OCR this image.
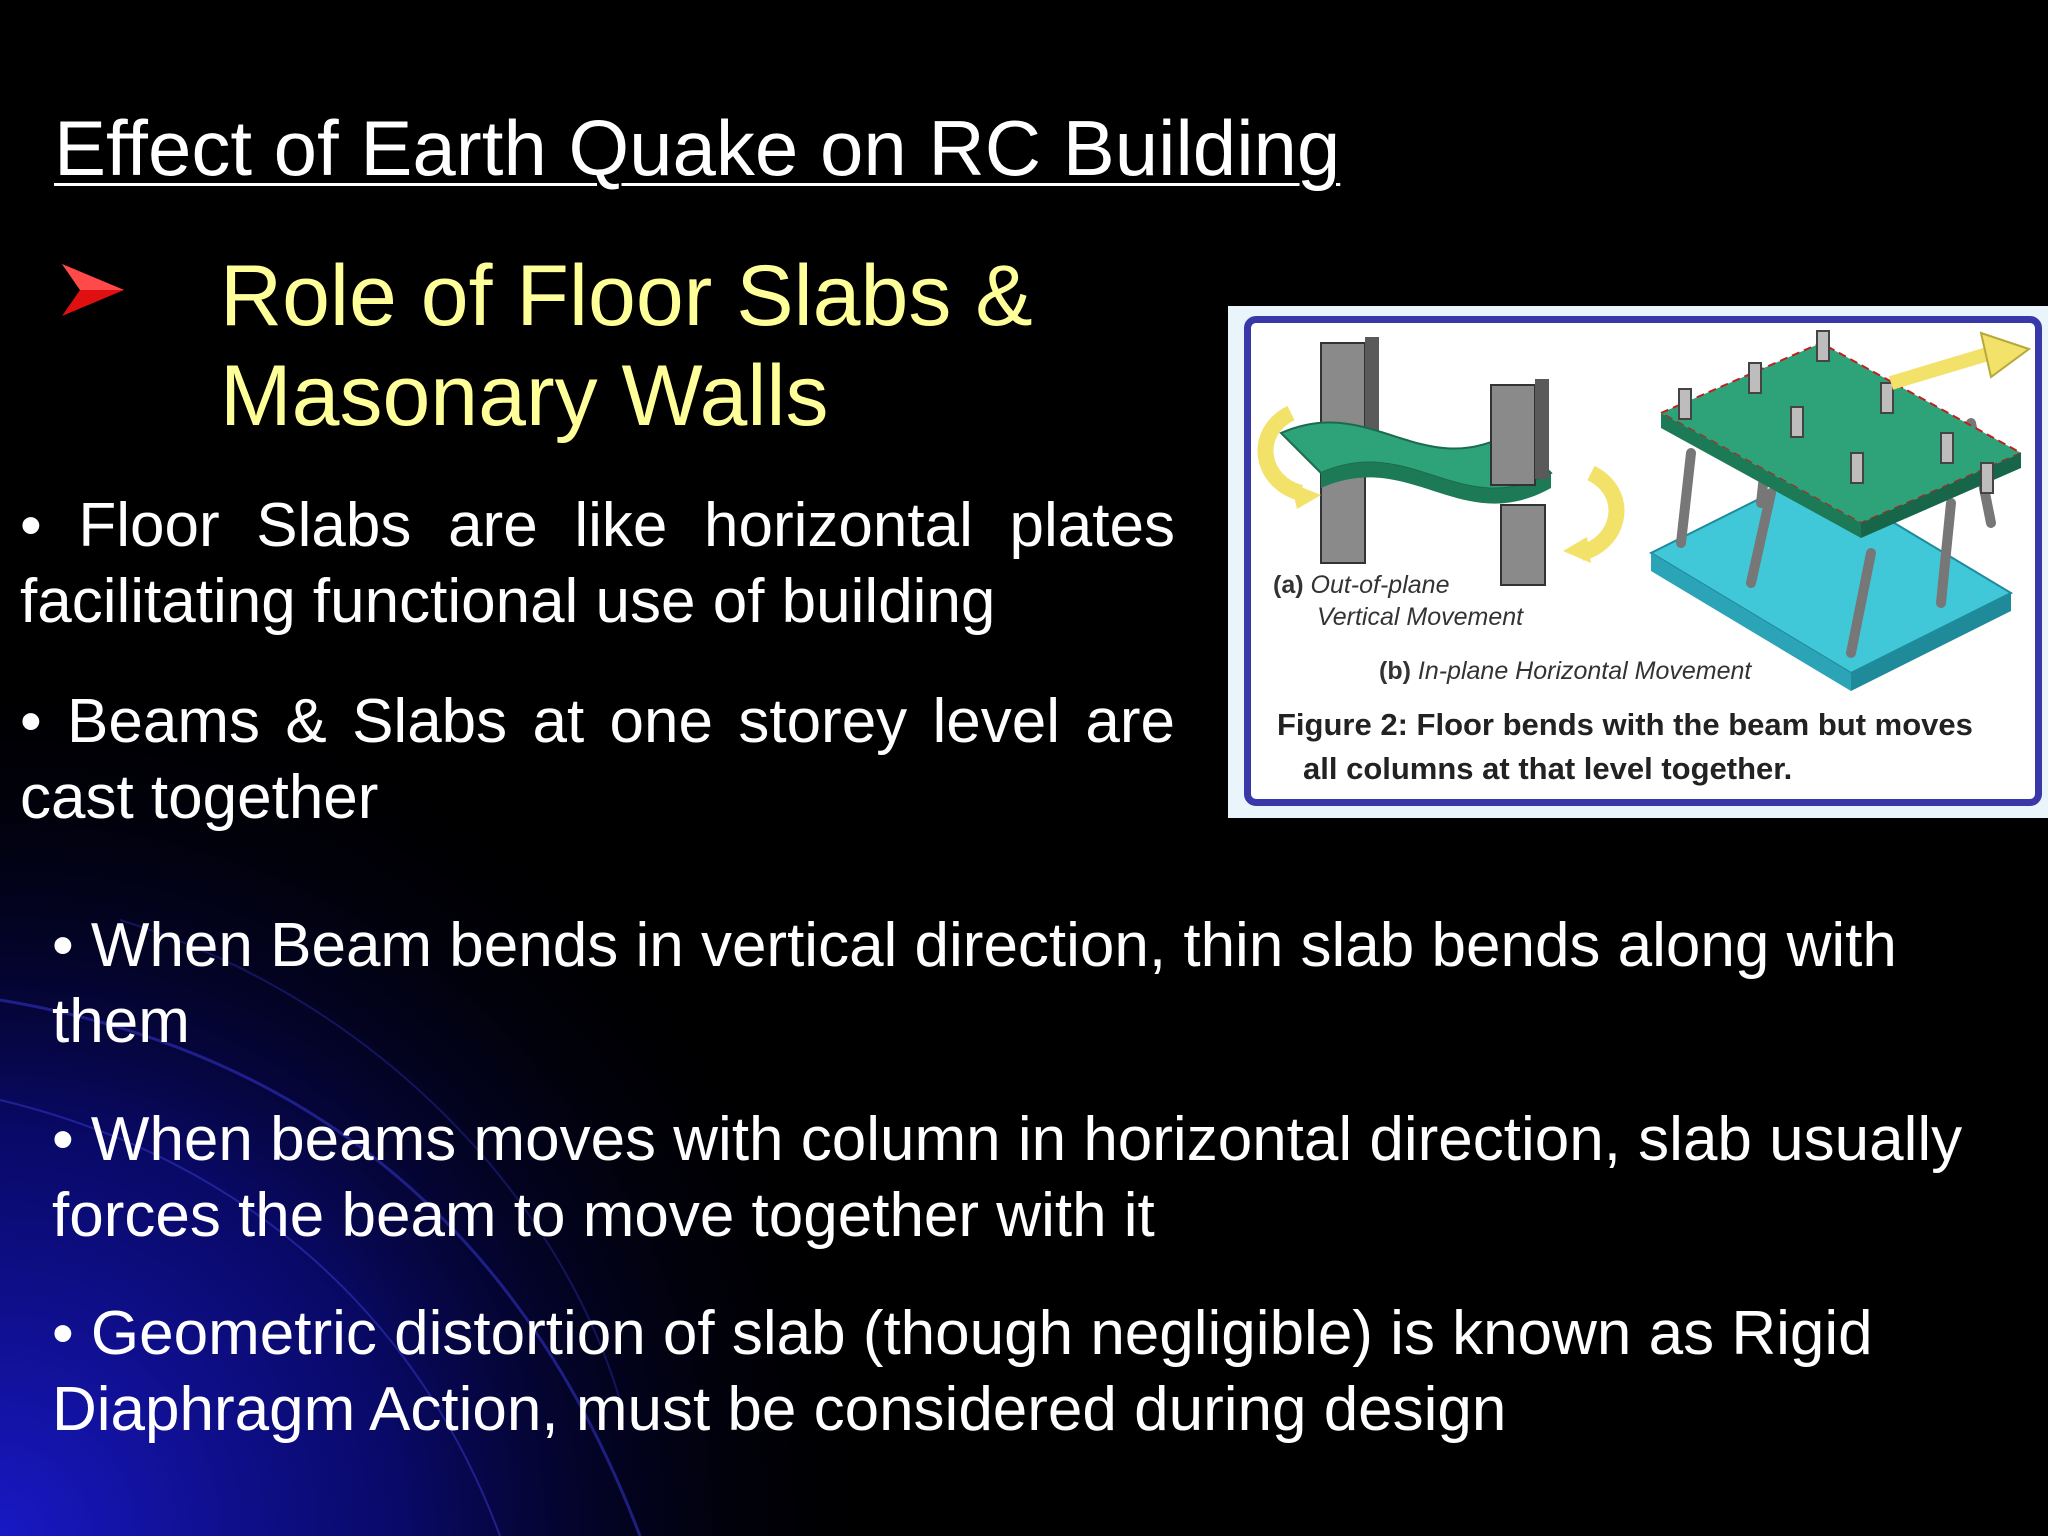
Effect of Earth Quake on RC Building
Role of Floor Slabs & Masonary Walls

• Floor Slabs are like horizontal plates facilitating functional use of building

• Beams & Slabs at one storey level are cast together

(a) Out-of-plane
Vertical Movement
(b) In-plane Horizontal Movement
Figure 2: Floor bends with the beam but moves
all columns at that level together.

• When Beam bends in vertical direction, thin slab bends along with them

• When beams moves with column in horizontal direction, slab usually forces the beam to move together with it

• Geometric distortion of slab (though negligible) is known as Rigid Diaphragm Action, must be considered during design
